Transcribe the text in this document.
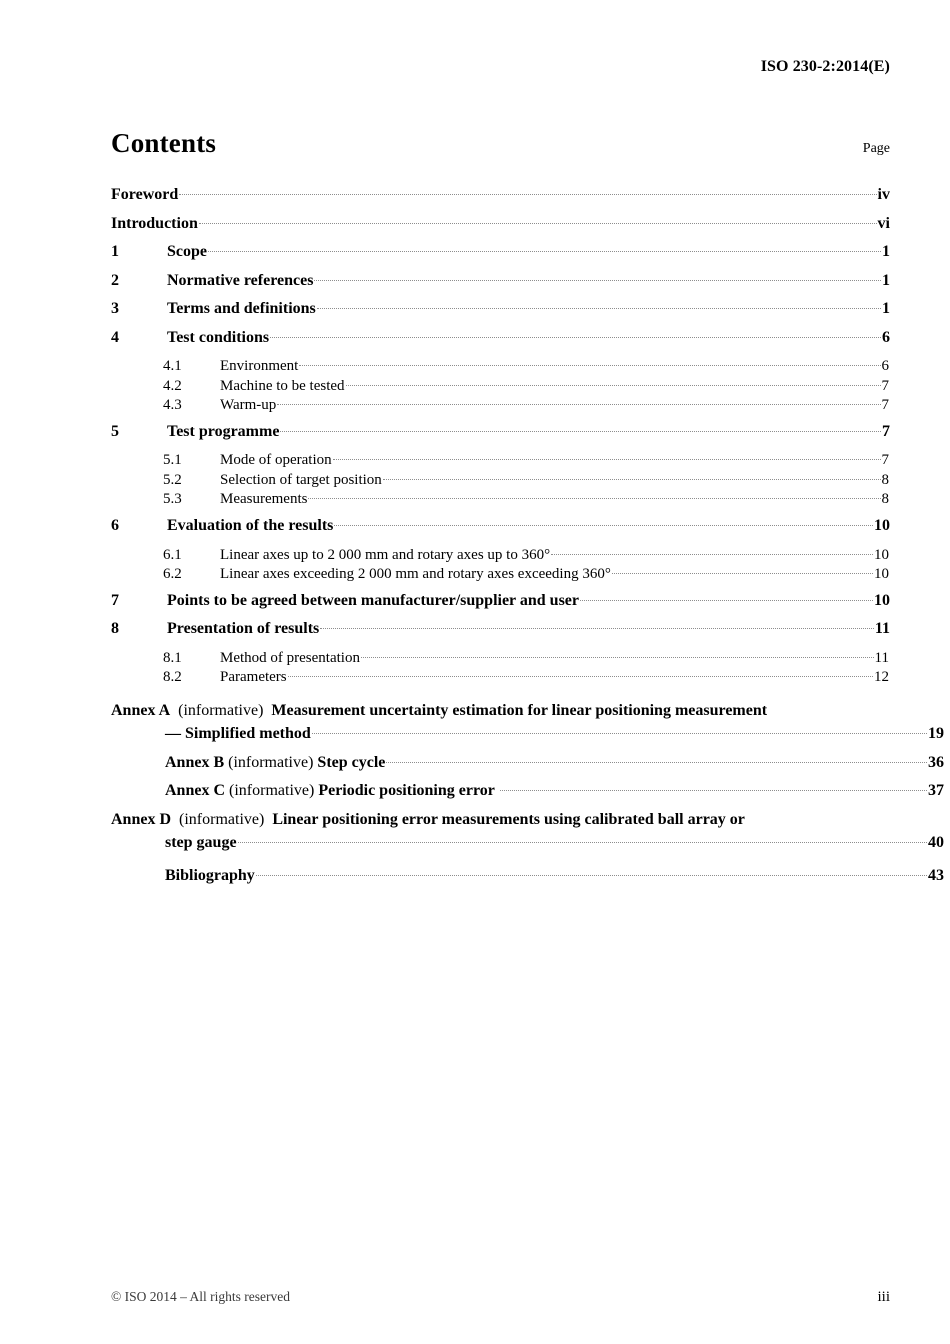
ISO 230-2:2014(E)
Contents	Page
Foreword	iv
Introduction	vi
1	Scope	1
2	Normative references	1
3	Terms and definitions	1
4	Test conditions	6
4.1	Environment	6
4.2	Machine to be tested	7
4.3	Warm-up	7
5	Test programme	7
5.1	Mode of operation	7
5.2	Selection of target position	8
5.3	Measurements	8
6	Evaluation of the results	10
6.1	Linear axes up to 2 000 mm and rotary axes up to 360°	10
6.2	Linear axes exceeding 2 000 mm and rotary axes exceeding 360°	10
7	Points to be agreed between manufacturer/supplier and user	10
8	Presentation of results	11
8.1	Method of presentation	11
8.2	Parameters	12
Annex A (informative) Measurement uncertainty estimation for linear positioning measurement
— Simplified method	19
Annex B (informative) Step cycle	36
Annex C (informative) Periodic positioning error	37
Annex D (informative) Linear positioning error measurements using calibrated ball array or
step gauge	40
Bibliography	43
© ISO 2014 – All rights reserved	iii
